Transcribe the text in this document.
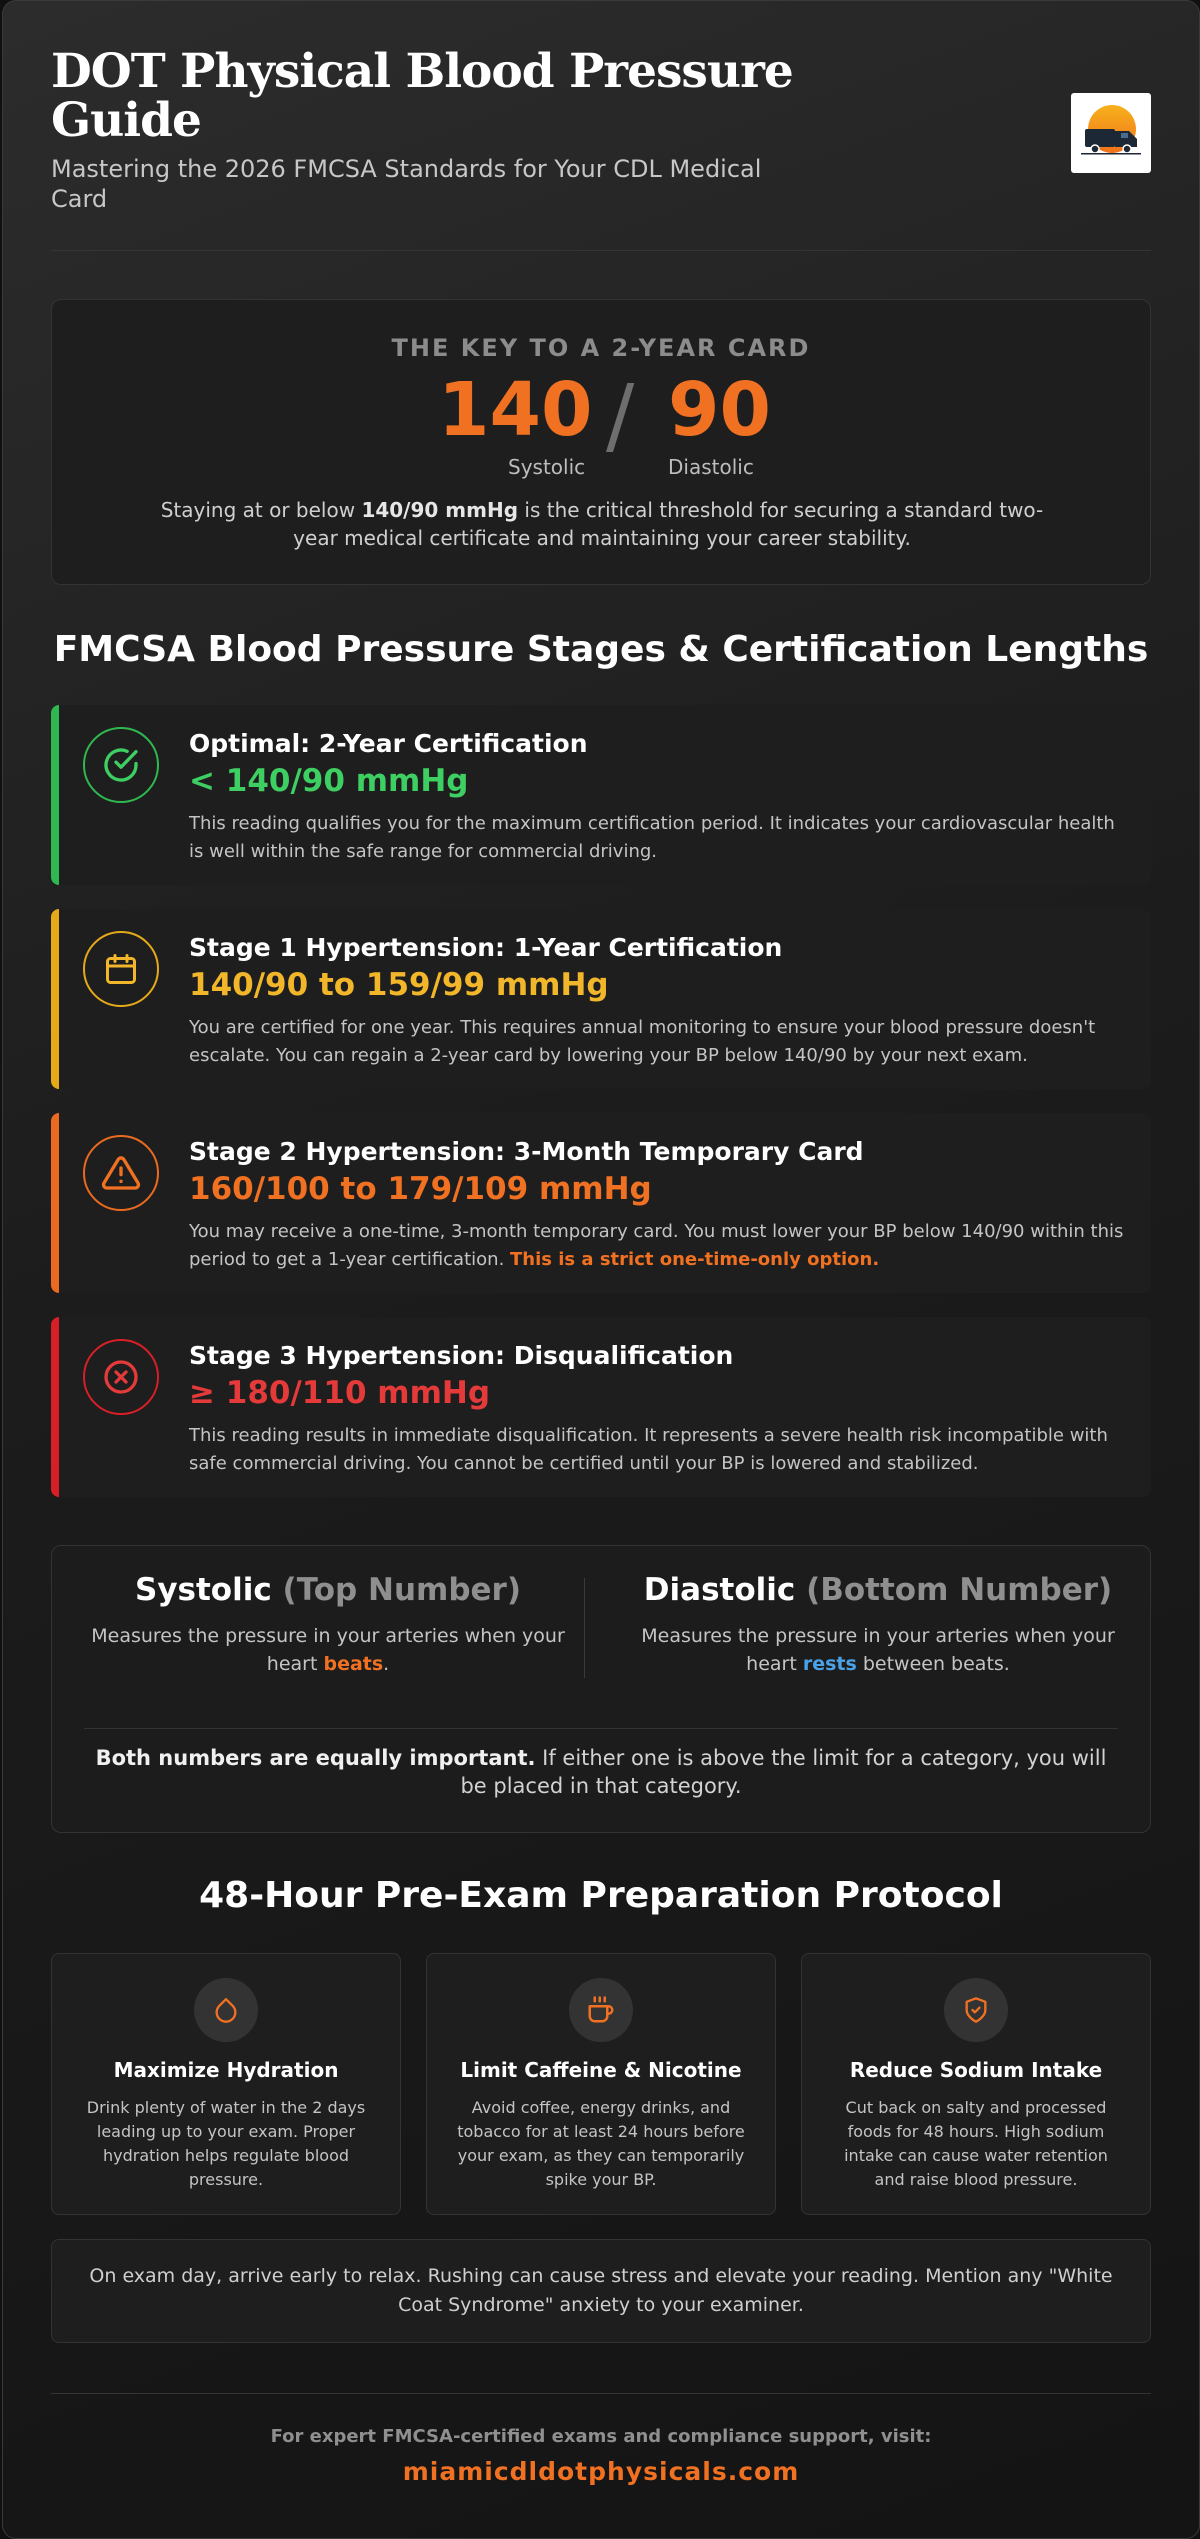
DOT Physical Blood Pressure Guide
Mastering the 2026 FMCSA Standards for Your CDL Medical Card
THE KEY TO A 2-YEAR CARD
140 / 90
Systolic	Diastolic
Staying at or below 140/90 mmHg is the critical threshold for securing a standard two-year medical certificate and maintaining your career stability.
FMCSA Blood Pressure Stages & Certification Lengths
Optimal: 2-Year Certification
< 140/90 mmHg
This reading qualifies you for the maximum certification period. It indicates your cardiovascular health is well within the safe range for commercial driving.
Stage 1 Hypertension: 1-Year Certification
140/90 to 159/99 mmHg
You are certified for one year. This requires annual monitoring to ensure your blood pressure doesn't escalate. You can regain a 2-year card by lowering your BP below 140/90 by your next exam.
Stage 2 Hypertension: 3-Month Temporary Card
160/100 to 179/109 mmHg
You may receive a one-time, 3-month temporary card. You must lower your BP below 140/90 within this period to get a 1-year certification. This is a strict one-time-only option.
Stage 3 Hypertension: Disqualification
≥ 180/110 mmHg
This reading results in immediate disqualification. It represents a severe health risk incompatible with safe commercial driving. You cannot be certified until your BP is lowered and stabilized.
Systolic (Top Number)

Measures the pressure in your arteries when your heart beats.

Diastolic (Bottom Number)

Measures the pressure in your arteries when your heart rests between beats.

Both numbers are equally important. If either one is above the limit for a category, you will be placed in that category.
48-Hour Pre-Exam Preparation Protocol
Maximize Hydration
Drink plenty of water in the 2 days leading up to your exam. Proper hydration helps regulate blood pressure.
Limit Caffeine & Nicotine
Avoid coffee, energy drinks, and tobacco for at least 24 hours before your exam, as they can temporarily spike your BP.
Reduce Sodium Intake
Cut back on salty and processed foods for 48 hours. High sodium intake can cause water retention and raise blood pressure.

On exam day, arrive early to relax. Rushing can cause stress and elevate your reading. Mention any "White Coat Syndrome" anxiety to your examiner.

For expert FMCSA-certified exams and compliance support, visit:
miamicdldotphysicals.com
